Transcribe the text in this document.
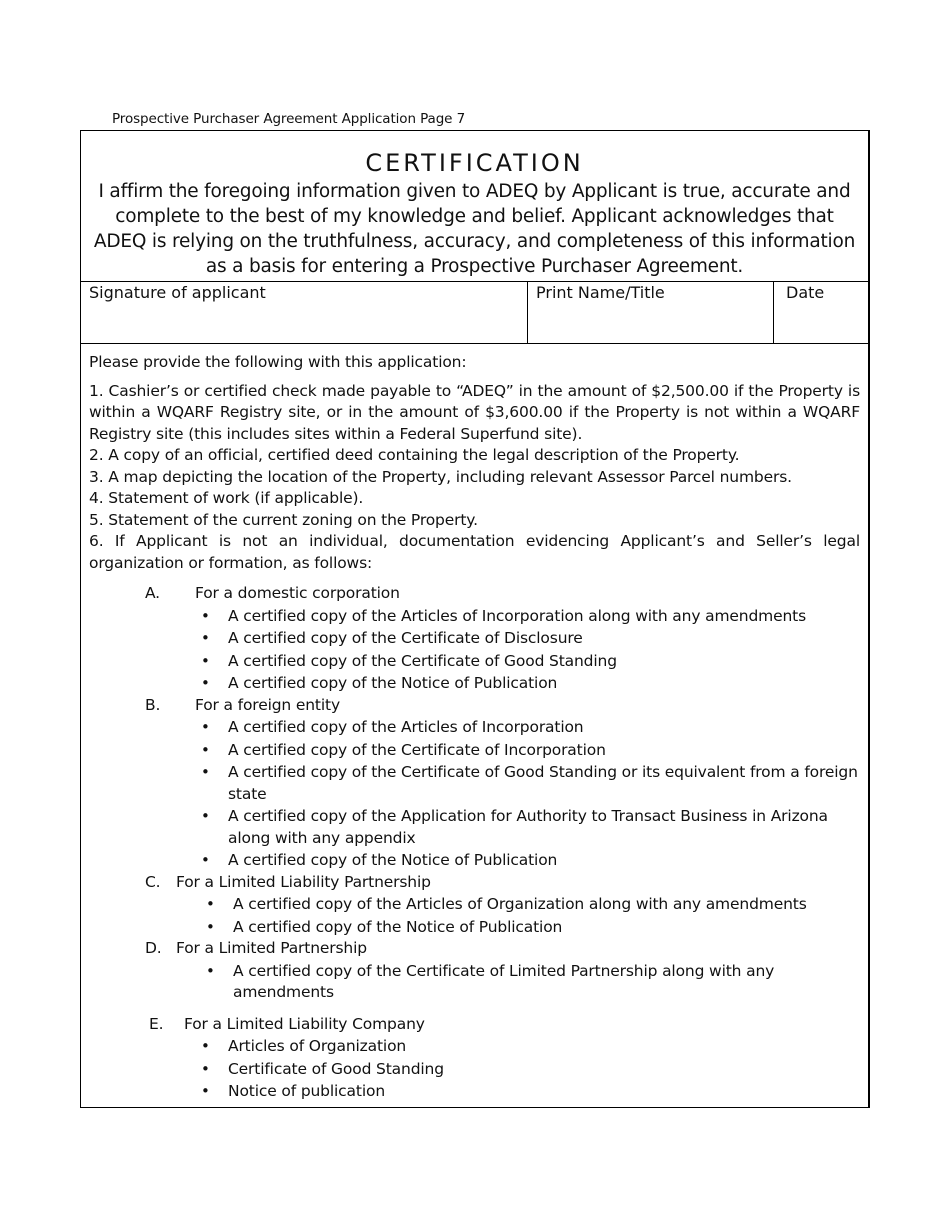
Prospective Purchaser Agreement Application Page 7
CERTIFICATION

I affirm the foregoing information given to ADEQ by Applicant is true, accurate and complete to the best of my knowledge and belief. Applicant acknowledges that ADEQ is relying on the truthfulness, accuracy, and completeness of this information as a basis for entering a Prospective Purchaser Agreement.

Signature of applicant	Print Name/Title	Date

Please provide the following with this application:

1. Cashier’s or certified check made payable to “ADEQ” in the amount of $2,500.00 if the Property is within a WQARF Registry site, or in the amount of $3,600.00 if the Property is not within a WQARF Registry site (this includes sites within a Federal Superfund site).

2. A copy of an official, certified deed containing the legal description of the Property.

3. A map depicting the location of the Property, including relevant Assessor Parcel numbers.

4. Statement of work (if applicable).

5. Statement of the current zoning on the Property.

6. If Applicant is not an individual, documentation evidencing Applicant’s and Seller’s legal organization or formation, as follows:

A.	For a domestic corporation
• A certified copy of the Articles of Incorporation along with any amendments
• A certified copy of the Certificate of Disclosure
• A certified copy of the Certificate of Good Standing
• A certified copy of the Notice of Publication
B.	For a foreign entity
• A certified copy of the Articles of Incorporation
• A certified copy of the Certificate of Incorporation
• A certified copy of the Certificate of Good Standing or its equivalent from a foreign state
• A certified copy of the Application for Authority to Transact Business in Arizona along with any appendix
• A certified copy of the Notice of Publication
C.	For a Limited Liability Partnership
• A certified copy of the Articles of Organization along with any amendments
• A certified copy of the Notice of Publication
D. For a Limited Partnership
• A certified copy of the Certificate of Limited Partnership along with any amendments
E.	For a Limited Liability Company
• Articles of Organization
• Certificate of Good Standing
• Notice of publication
